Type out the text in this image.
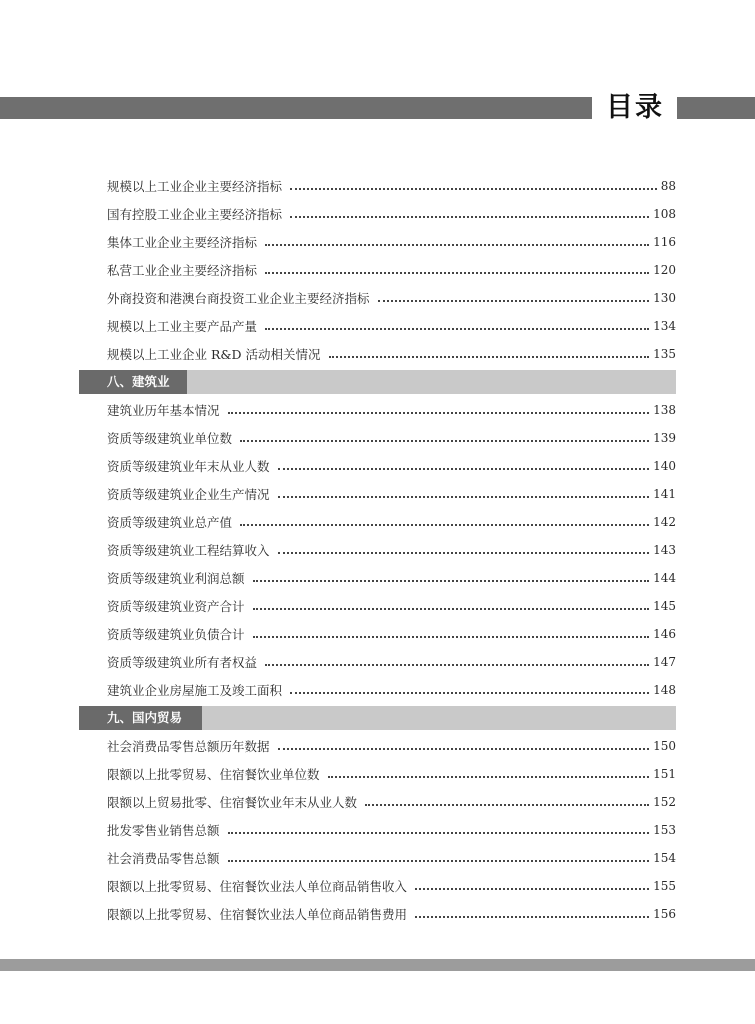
目录
规模以上工业企业主要经济指标	88
国有控股工业企业主要经济指标	108
集体工业企业主要经济指标	116
私营工业企业主要经济指标	120
外商投资和港澳台商投资工业企业主要经济指标	130
规模以上工业主要产品产量	134
规模以上工业企业 R&D 活动相关情况	135
八、建筑业
建筑业历年基本情况	138
资质等级建筑业单位数	139
资质等级建筑业年末从业人数	140
资质等级建筑业企业生产情况	141
资质等级建筑业总产值	142
资质等级建筑业工程结算收入	143
资质等级建筑业利润总额	144
资质等级建筑业资产合计	145
资质等级建筑业负债合计	146
资质等级建筑业所有者权益	147
建筑业企业房屋施工及竣工面积	148
九、国内贸易
社会消费品零售总额历年数据	150
限额以上批零贸易、住宿餐饮业单位数	151
限额以上贸易批零、住宿餐饮业年末从业人数	152
批发零售业销售总额	153
社会消费品零售总额	154
限额以上批零贸易、住宿餐饮业法人单位商品销售收入	155
限额以上批零贸易、住宿餐饮业法人单位商品销售费用	156
